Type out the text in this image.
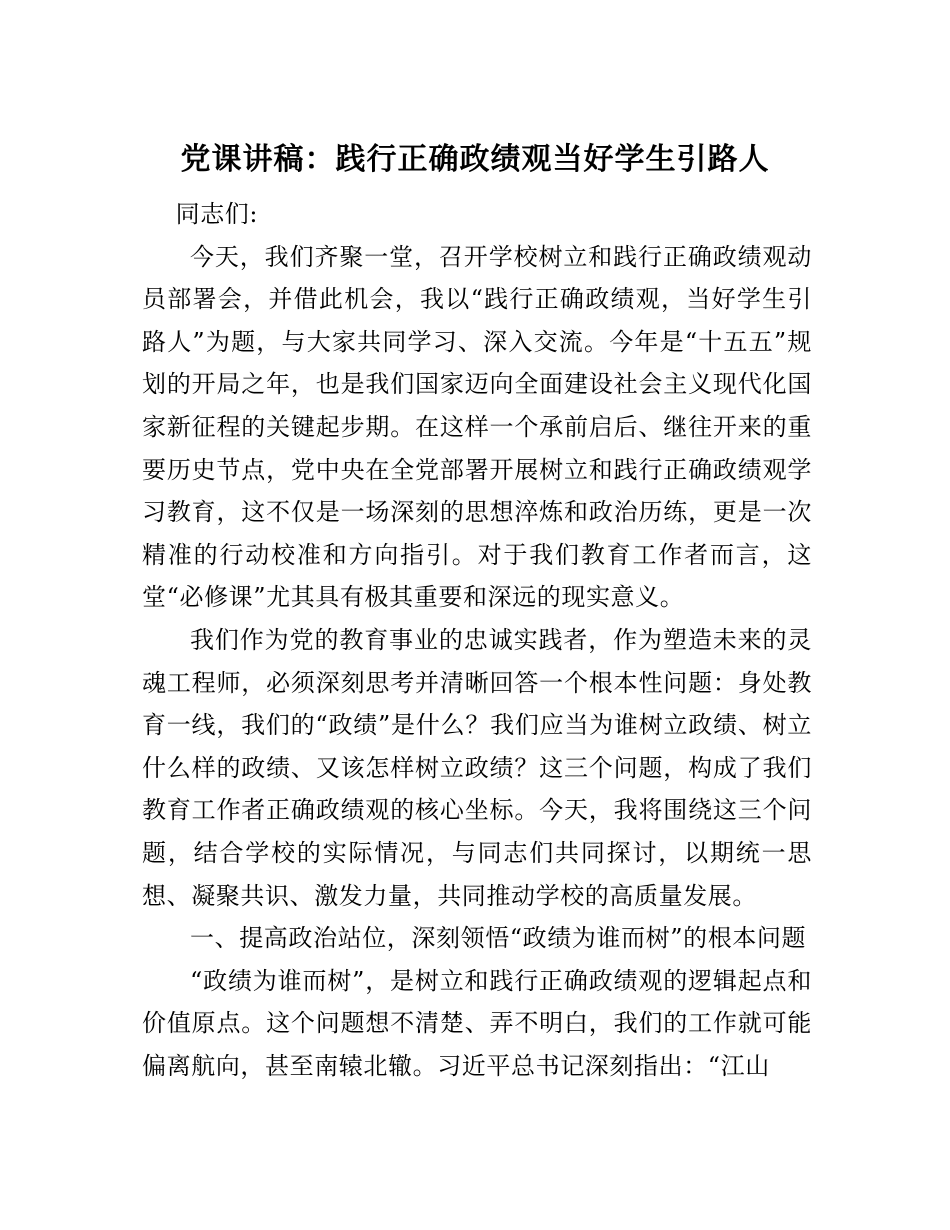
党课讲稿：践行正确政绩观当好学生引路人

同志们:

今天，我们齐聚一堂，召开学校树立和践行正确政绩观动员部署会，并借此机会，我以“践行正确政绩观，当好学生引路人”为题，与大家共同学习、深入交流。今年是“十五五”规划的开局之年，也是我们国家迈向全面建设社会主义现代化国家新征程的关键起步期。在这样一个承前启后、继往开来的重要历史节点，党中央在全党部署开展树立和践行正确政绩观学习教育，这不仅是一场深刻的思想淬炼和政治历练，更是一次精准的行动校准和方向指引。对于我们教育工作者而言，这堂“必修课”尤其具有极其重要和深远的现实意义。

我们作为党的教育事业的忠诚实践者，作为塑造未来的灵魂工程师，必须深刻思考并清晰回答一个根本性问题：身处教育一线，我们的“政绩”是什么？我们应当为谁树立政绩、树立什么样的政绩、又该怎样树立政绩？这三个问题，构成了我们教育工作者正确政绩观的核心坐标。今天，我将围绕这三个问题，结合学校的实际情况，与同志们共同探讨，以期统一思想、凝聚共识、激发力量，共同推动学校的高质量发展。

一、提高政治站位，深刻领悟“政绩为谁而树”的根本问题

“政绩为谁而树”，是树立和践行正确政绩观的逻辑起点和价值原点。这个问题想不清楚、弄不明白，我们的工作就可能偏离航向，甚至南辕北辙。习近平总书记深刻指出：“江山
